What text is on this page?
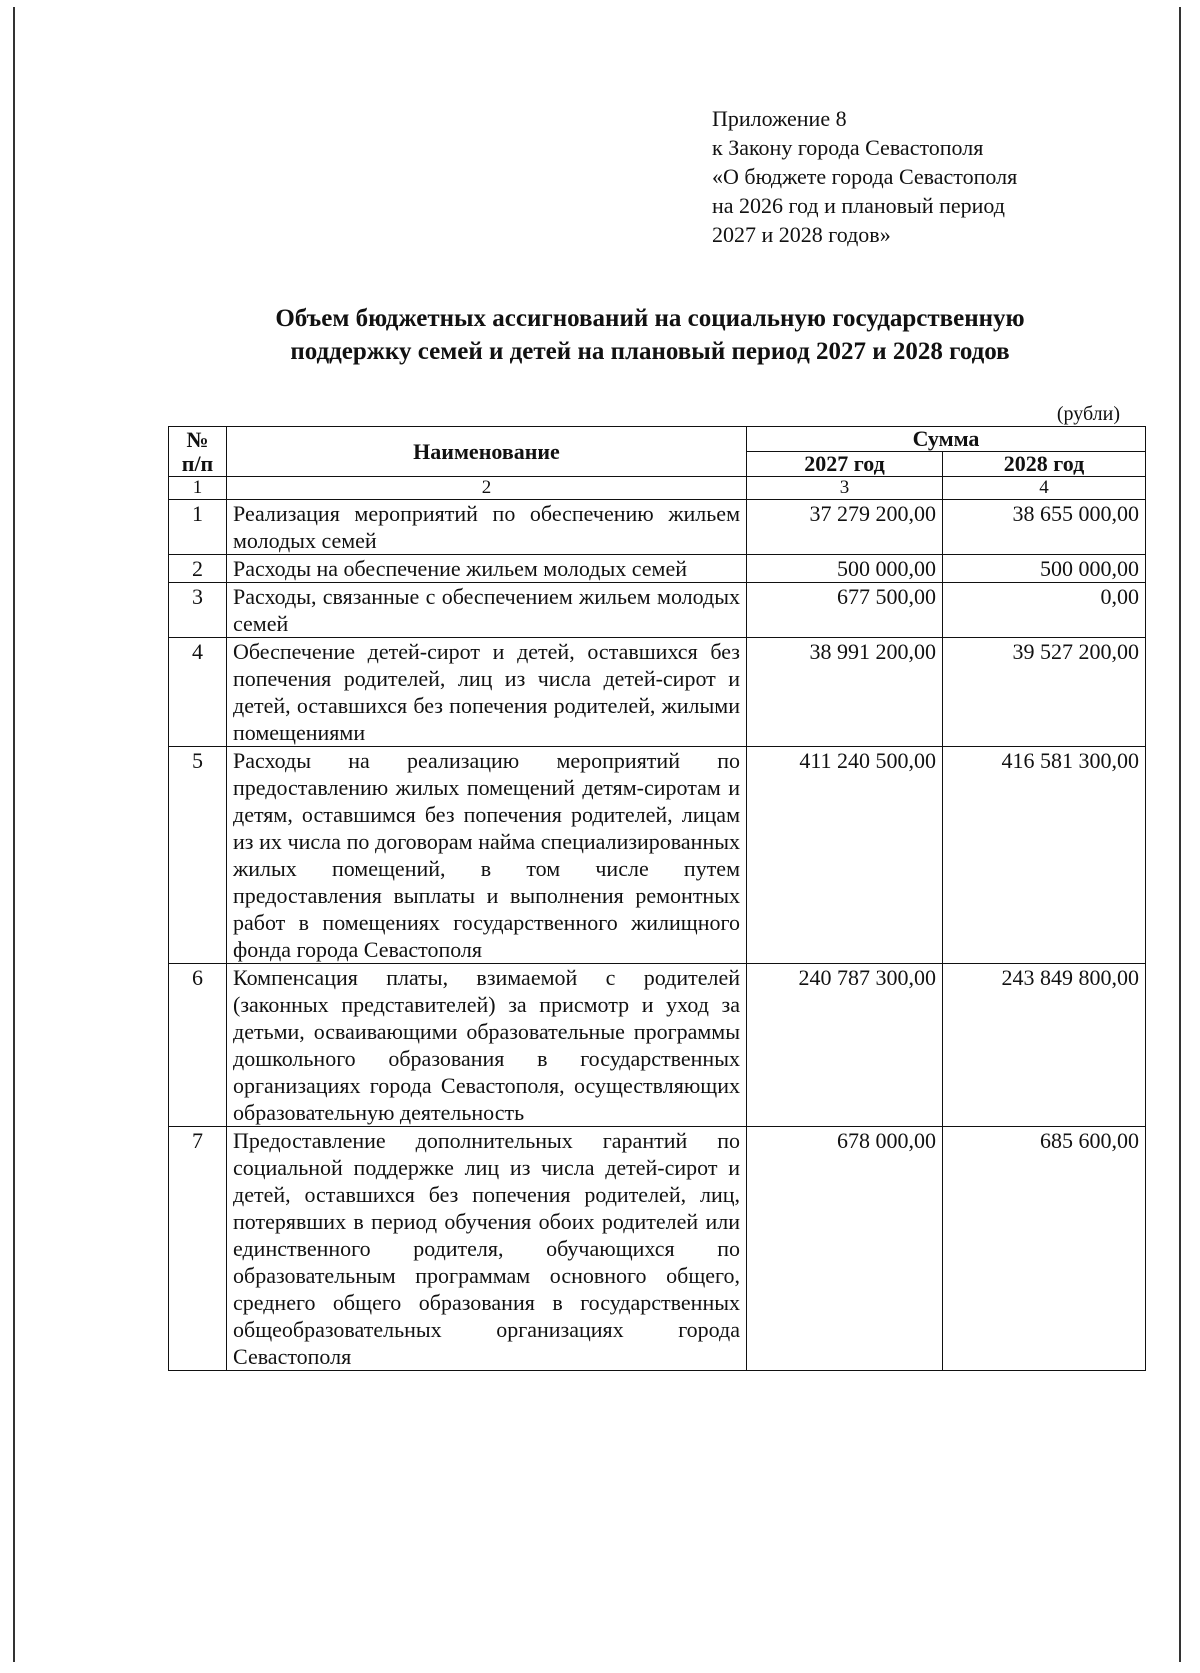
Приложение 8
к Закону города Севастополя
«О бюджете города Севастополя
на 2026 год и плановый период
2027 и 2028 годов»
Объем бюджетных ассигнований на социальную государственную
поддержку семей и детей на плановый период 2027 и 2028 годов
(рубли)
№ п/п	Наименование	Сумма	
		2027 год	2028 год
1	2	3	4
1	Реализация мероприятий по обеспечению жильем молодых семей	37 279 200,00	38 655 000,00
2	Расходы на обеспечение жильем молодых семей	500 000,00	500 000,00
3	Расходы, связанные с обеспечением жильем молодых семей	677 500,00	0,00
4	Обеспечение детей-сирот и детей, оставшихся без попечения родителей, лиц из числа детей-сирот и детей, оставшихся без попечения родителей, жилыми помещениями	38 991 200,00	39 527 200,00
5	Расходы на реализацию мероприятий по предоставлению жилых помещений детям-сиротам и детям, оставшимся без попечения родителей, лицам из их числа по договорам найма специализированных жилых помещений, в том числе путем предоставления выплаты и выполнения ремонтных работ в помещениях государственного жилищного фонда города Севастополя	411 240 500,00	416 581 300,00
6	Компенсация платы, взимаемой с родителей (законных представителей) за присмотр и уход за детьми, осваивающими образовательные программы дошкольного образования в государственных организациях города Севастополя, осуществляющих образовательную деятельность	240 787 300,00	243 849 800,00
7	Предоставление дополнительных гарантий по социальной поддержке лиц из числа детей-сирот и детей, оставшихся без попечения родителей, лиц, потерявших в период обучения обоих родителей или единственного родителя, обучающихся по образовательным программам основного общего, среднего общего образования в государственных общеобразовательных организациях города Севастополя	678 000,00	685 600,00
